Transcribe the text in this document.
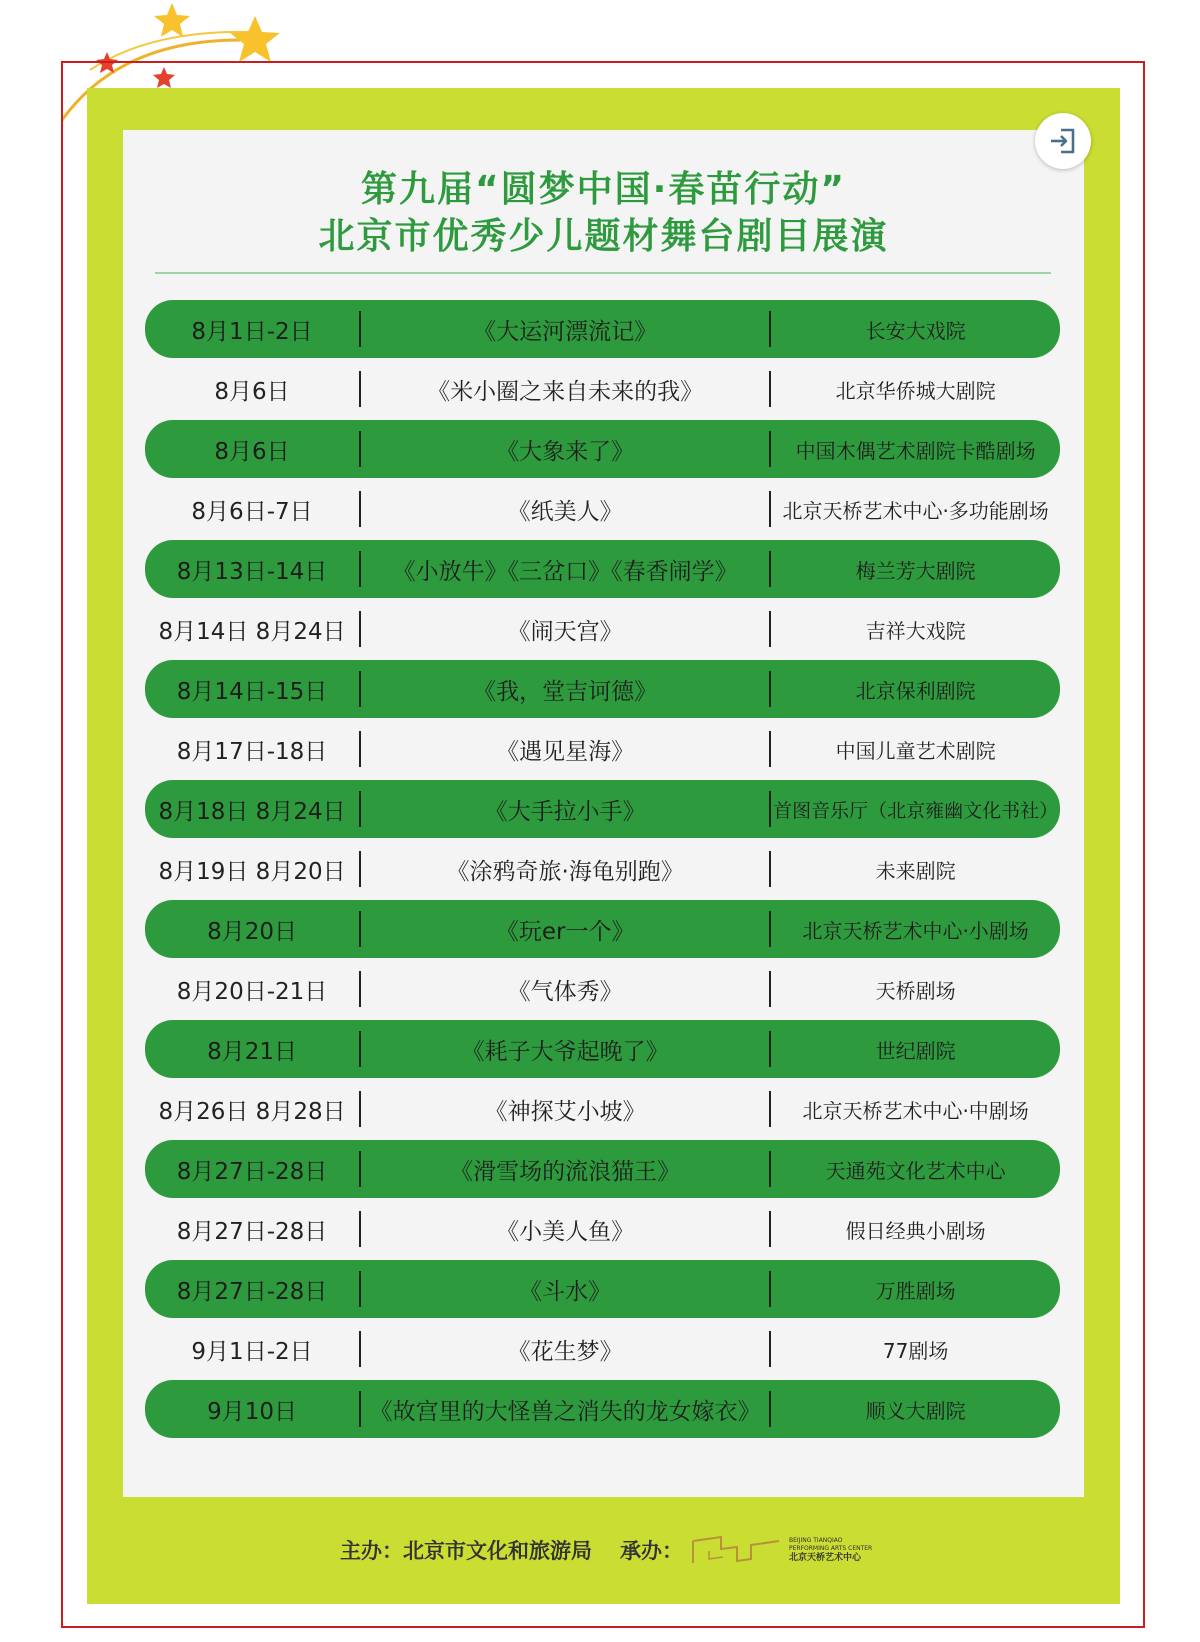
第九届“圆梦中国·春苗行动”
北京市优秀少儿题材舞台剧目展演
8月1日-2日	《大运河漂流记》	长安大戏院
8月6日	《米小圈之来自未来的我》	北京华侨城大剧院
8月6日	《大象来了》	中国木偶艺术剧院卡酷剧场
8月6日-7日	《纸美人》	北京天桥艺术中心·多功能剧场
8月13日-14日	《小放牛》《三岔口》《春香闹学》	梅兰芳大剧院
8月14日 8月24日	《闹天宫》	吉祥大戏院
8月14日-15日	《我，堂吉诃德》	北京保利剧院
8月17日-18日	《遇见星海》	中国儿童艺术剧院
8月18日 8月24日	《大手拉小手》	首图音乐厅（北京雍幽文化书社）
8月19日 8月20日	《涂鸦奇旅·海龟别跑》	未来剧院
8月20日	《玩er一个》	北京天桥艺术中心·小剧场
8月20日-21日	《气体秀》	天桥剧场
8月21日	《耗子大爷起晚了》	世纪剧院
8月26日 8月28日	《神探艾小坡》	北京天桥艺术中心·中剧场
8月27日-28日	《滑雪场的流浪猫王》	天通苑文化艺术中心
8月27日-28日	《小美人鱼》	假日经典小剧场
8月27日-28日	《斗水》	万胜剧场
9月1日-2日	《花生梦》	77剧场
9月10日	《故宫里的大怪兽之消失的龙女嫁衣》	顺义大剧院
主办：北京市文化和旅游局 承办：	BEIJING TIANQIAO
PERFORMING ARTS CENTER
北京天桥艺术中心
